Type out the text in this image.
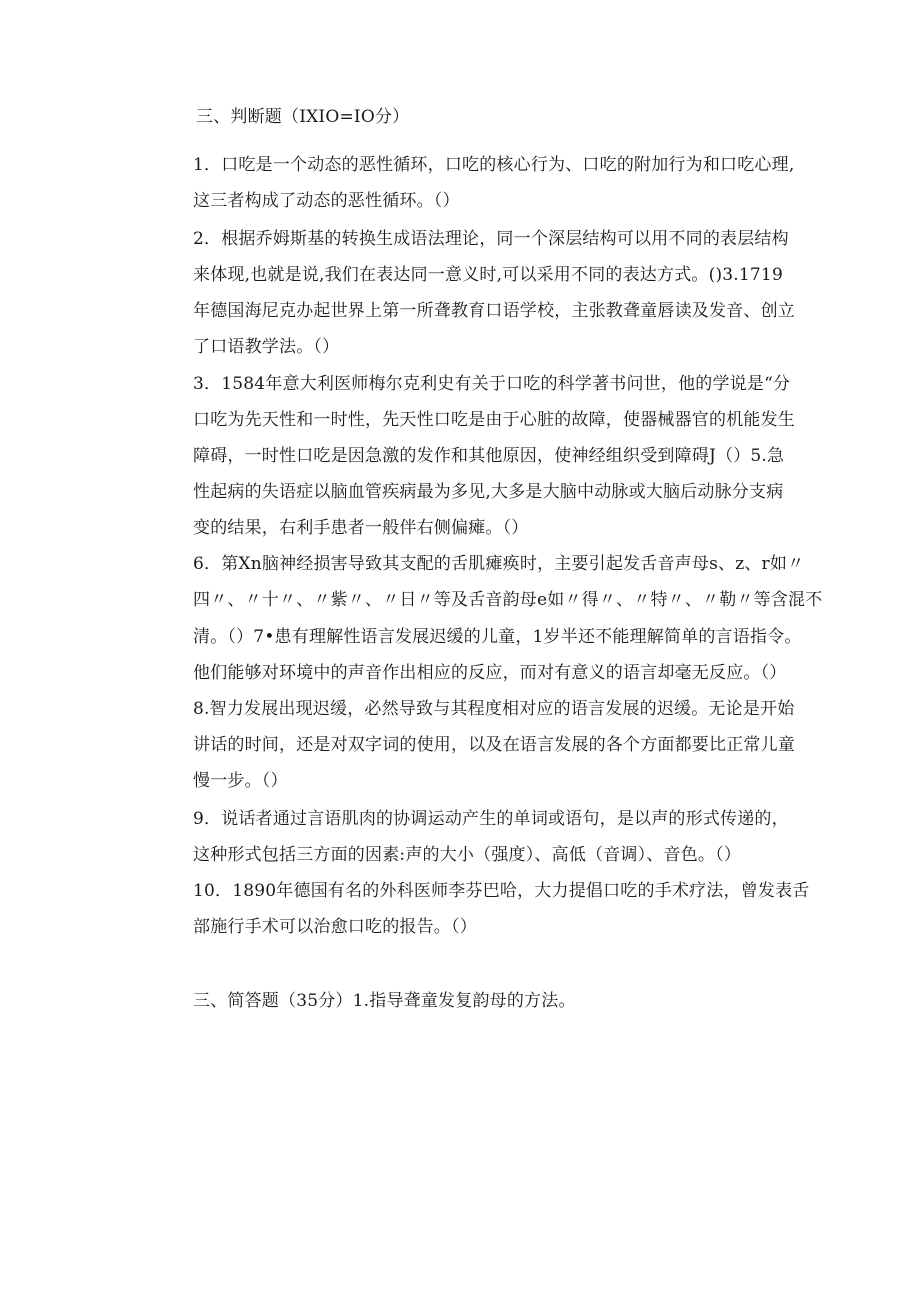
三、判断题（IXIO=IO分）
1．口吃是一个动态的恶性循环，口吃的核心行为、口吃的附加行为和口吃心理,
这三者构成了动态的恶性循环。（）
2．根据乔姆斯基的转换生成语法理论，同一个深层结构可以用不同的表层结构
来体现,也就是说,我们在表达同一意义时,可以采用不同的表达方式。()3.1719
年德国海尼克办起世界上第一所聋教育口语学校，主张教聋童唇读及发音、创立
了口语教学法。（）
3．1584年意大利医师梅尔克利史有关于口吃的科学著书问世，他的学说是“分
口吃为先天性和一时性，先天性口吃是由于心脏的故障，使器械器官的机能发生
障碍，一时性口吃是因急激的发作和其他原因，使神经组织受到障碍J（）5.急
性起病的失语症以脑血管疾病最为多见,大多是大脑中动脉或大脑后动脉分支病
变的结果，右利手患者一般伴右侧偏瘫。（）
6．第Xn脑神经损害导致其支配的舌肌瘫痪时，主要引起发舌音声母s、z、r如〃
四〃、〃十〃、〃紫〃、〃日〃等及舌音韵母e如〃得〃、〃特〃、〃勒〃等含混不
清。（）7•患有理解性语言发展迟缓的儿童，1岁半还不能理解简单的言语指令。
他们能够对环境中的声音作出相应的反应，而对有意义的语言却毫无反应。（）
8.智力发展出现迟缓，必然导致与其程度相对应的语言发展的迟缓。无论是开始
讲话的时间，还是对双字词的使用，以及在语言发展的各个方面都要比正常儿童
慢一步。（）
9．说话者通过言语肌肉的协调运动产生的单词或语句，是以声的形式传递的，
这种形式包括三方面的因素:声的大小（强度）、高低（音调）、音色。（）
10．1890年德国有名的外科医师李芬巴哈，大力提倡口吃的手术疗法，曾发表舌
部施行手术可以治愈口吃的报告。（）
三、简答题（35分）1.指导聋童发复韵母的方法。
